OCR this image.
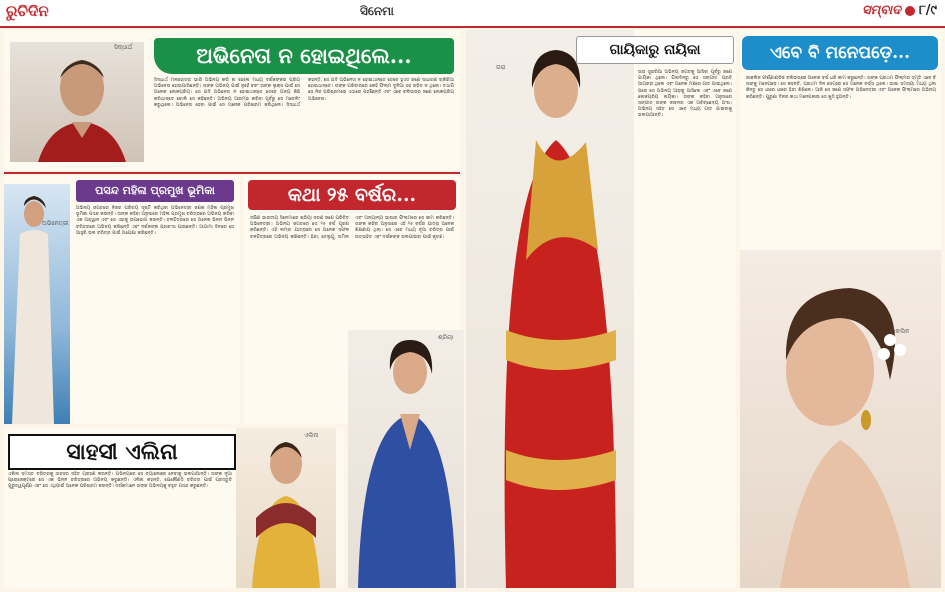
ରୁଚିଦିନ	ସିନେମା	ସମ୍ବାଦ ୮/୯
ସିଦ୍ଧାର୍ଥ	ଅଭିନେତା ନ ହୋଇଥିଲେ...
ସିଦ୍ଧାର୍ଥ ମଲହୋତ୍ରା ଭାରି ଅଭିନୟ କରି ନା ହେଲେ ମଧ୍ୟ ଦର୍ଶକଙ୍କର ପ୍ରିୟ ଅଭିନେତା ହୋଇପାରିଛନ୍ତି। ତାଙ୍କ ଅଭିନୟ ପାଇଁ ନୁହେଁ ବରଂ ତାଙ୍କ ଲୁକ୍ସ ପାଇଁ ସେ ଅନେକ ଲୋକପ୍ରିୟ। ସେ ଯଦି ଅଭିନେତା ନ ହୋଇଥାନ୍ତେ ତେବେ ଅନ୍ୟ କିଛି କରିଥାନ୍ତେ ବୋଲି ସେ କହିଛନ୍ତି। ଅଭିନୟ ଆରମ୍ଭ କରିବା ପୂର୍ବରୁ ସେ ମଡେଲିଂ କରୁଥିଲେ। ଅଭିନେତା ହେବା ପାଇଁ ସେ ଅନେକ ପରିଶ୍ରମ କରିଥିଲେ। ସିଦ୍ଧାର୍ଥ କହନ୍ତି, ସେ ଯଦି ଅଭିନେତା ନ ହୋଇଥାନ୍ତେ ତେବେ ହୁଏତ ଜଣେ ସାଧାରଣ ଚାକିରିଆ ହୋଇଥାନ୍ତେ। ତାଙ୍କ ପରିବାରରେ କେହି ଫିଲ୍ମ ଦୁନିଆ ସହ ଜଡ଼ିତ ନ ଥିଲେ। ତଥାପି ସେ ନିଜ ପରିଶ୍ରମରେ ଏଠାରେ ପହଞ୍ଚିଛନ୍ତି ଏବଂ ଏବେ ବଲିଉଡ୍‌ର ଜଣେ ଲୋକପ୍ରିୟ ଅଭିନେତା।
ଅଭିନେତ୍ରୀ
ପସନ୍ଦ ମହିଳା ପ୍ରମୁଖ ଭୂମିକା
ଅଭିନୟ ଜଗତରେ ନିଜର ପରିଚୟ ସୃଷ୍ଟି କରିଥିବା ଅଭିନେତ୍ରୀ ଜଣକ ମହିଳା ପ୍ରମୁଖ ଭୂମିକା ପସନ୍ଦ କରନ୍ତି। ତାଙ୍କ କହିବା ଅନୁସାରେ ମହିଳା ପ୍ରମୁଖ ଚରିତ୍ରରେ ଅଭିନୟ କରିବା ଏକ ଆହ୍ୱାନ ଏବଂ ସେ ଏହାକୁ ଉପଭୋଗ କରନ୍ତି। ଚଳଚ୍ଚିତ୍ରରେ ସେ ଅନେକ ଭିନ୍ନ ଭିନ୍ନ ଚରିତ୍ରରେ ଅଭିନୟ କରିଛନ୍ତି ଏବଂ ଦର୍ଶକଙ୍କ ପ୍ରଶଂସା ପାଇଛନ୍ତି। ଆଗାମୀ ଦିନରେ ସେ ଆହୁରି ଭଲ ଚରିତ୍ର ପାଇଁ ଅପେକ୍ଷା କରିଛନ୍ତି।
କଥା ୨୫ ବର୍ଷର...
ଦକ୍ଷିଣ ଭାରତୀୟ ସିନେମାରେ ଶ୍ରିୟା ସରଣ ଜଣେ ପରିଚିତ ଅଭିନେତ୍ରୀ। ଅଭିନୟ ଜଗତରେ ସେ ୨୫ ବର୍ଷ ପୂରଣ କରିଛନ୍ତି। ଏହି ଲମ୍ବା ଯାତ୍ରାରେ ସେ ଅନେକ ସଫଳ ଚଳଚ୍ଚିତ୍ରରେ ଅଭିନୟ କରିଛନ୍ତି। ହିନ୍ଦୀ, ତେଲୁଗୁ, ତାମିଲ ଏବଂ ଅନ୍ୟାନ୍ୟ ଭାଷାର ଫିଲ୍ମରେ ସେ କାମ କରିଛନ୍ତି। ତାଙ୍କ କହିବା ଅନୁସାରେ ଏହି ୨୫ ବର୍ଷର ଯାତ୍ରା ଅନେକ ଶିକ୍ଷଣୀୟ ଥିଲା। ସେ ଏବେ ମଧ୍ୟ ନୂଆ ଚରିତ୍ର ପାଇଁ ଉତ୍ସାହିତ ଏବଂ ଦର୍ଶକଙ୍କ ଭଲପାଇବା ପାଇଁ କୃତଜ୍ଞ।
ସାହସୀ ଏଲିନା
ଏଲିନା
ଏଲିନା ସମସ୍ତ ଚରିତ୍ରକୁ ସାହସର ସହିତ ଗ୍ରହଣ କରନ୍ତି। ଅଭିନୟରେ ସେ ଚ୍ୟାଲେଞ୍ଜ ନେବାକୁ ଭଲପାଆନ୍ତି। ତାଙ୍କ ନୂଆ ପ୍ରୋଜେକ୍ଟରେ ସେ ଏକ ଭିନ୍ନ ଚରିତ୍ରରେ ଅଭିନୟ କରୁଛନ୍ତି। ଏଲିନା କହନ୍ତି, ଯେକୌଣସି ଚରିତ୍ର ପାଇଁ ପ୍ରସ୍ତୁତି ଗୁରୁତ୍ୱପୂର୍ଣ୍ଣ ଏବଂ ସେ ଏଥିପାଇଁ ଅନେକ ପରିଶ୍ରମ କରନ୍ତି। ଦର୍ଶକମାନେ ତାଙ୍କ ଅଭିନୟକୁ ବହୁତ ପସନ୍ଦ କରୁଛନ୍ତି।
ଶ୍ରିୟା
ତାରା
ଗାୟିକାରୁ ନାୟିକା
ତାରା ସୁତାରିଆ ଅଭିନୟ ଜଗତକୁ ଆସିବା ପୂର୍ବରୁ ଜଣେ ଗାୟିକା ଥିଲେ। ପିଲାଦିନରୁ ସେ ସଙ୍ଗୀତ ପ୍ରତି ଆଗ୍ରହୀ ଥିଲେ ଏବଂ ଅନେକ ମଞ୍ଚରେ ଗୀତ ଗାଇଥିଲେ। ପରେ ସେ ଅଭିନୟ ଆଡ଼କୁ ଆସିଲେ ଏବଂ ଏବେ ଜଣେ ଲୋକପ୍ରିୟ ନାୟିକା। ତାଙ୍କ କହିବା ଅନୁସାରେ ସଙ୍ଗୀତ ତାଙ୍କ ଜୀବନର ଏକ ଅବିଚ୍ଛେଦ୍ୟ ଅଂଶ। ଅଭିନୟ ସହିତ ସେ ଏବେ ମଧ୍ୟ ଗୀତ ଗାଇବାକୁ ଭଲପାଆନ୍ତି।
ଏବେ ବି ମନେପଡ଼େ...
ଜାକଲିନ ଫର୍ଣ୍ଣାଣ୍ଡିଜ ବଲିଉଡ୍‌ରେ ଅନେକ ବର୍ଷ ଧରି କାମ କରୁଛନ୍ତି। ତାଙ୍କ ପ୍ରଥମ ଫିଲ୍ମର ସ୍ମୃତି ଏବେ ବି ତାଙ୍କୁ ମନେପଡ଼େ। ସେ କହନ୍ତି, ପ୍ରଥମ ଦିନ ସେଟ୍‌ରେ ସେ ଅନେକ ନର୍ଭସ ଥିଲେ। ଭାଷା ସମସ୍ୟା ମଧ୍ୟ ଥିଲା କିନ୍ତୁ ସେ ଧୀରେ ଧୀରେ ହିନ୍ଦୀ ଶିଖିଲେ। ଆଜି ସେ ଜଣେ ସଫଳ ଅଭିନେତ୍ରୀ ଏବଂ ଅନେକ ଫିଲ୍ମରେ ଅଭିନୟ କରିଛନ୍ତି। ପୁରୁଣା ଦିନର କଥା ମନେପକାଇ ସେ ଖୁସି ହୁଅନ୍ତି।
ଜାକଲିନ
